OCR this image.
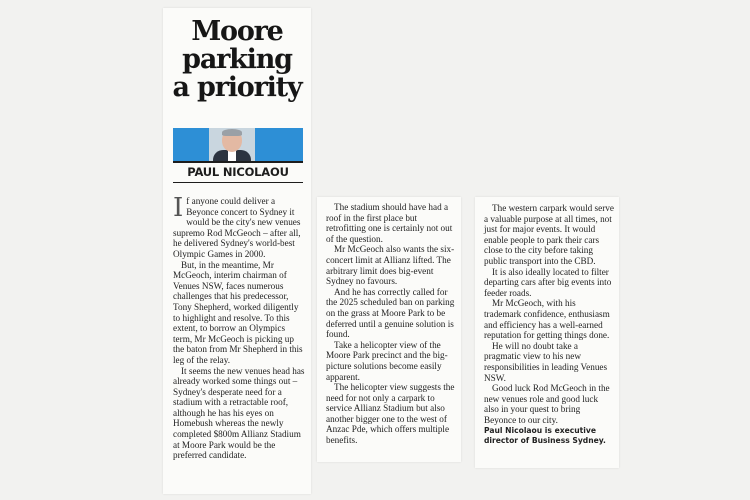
Moore
parking
a priority
PAUL NICOLAOU

If anyone could deliver a Beyonce concert to Sydney it would be the city's new venues supremo Rod McGeoch – after all, he delivered Sydney's world-best Olympic Games in 2000.

But, in the meantime, Mr McGeoch, interim chairman of Venues NSW, faces numerous challenges that his predecessor, Tony Shepherd, worked diligently to highlight and resolve. To this extent, to borrow an Olympics term, Mr McGeoch is picking up the baton from Mr Shepherd in this leg of the relay.

It seems the new venues head has already worked some things out – Sydney's desperate need for a stadium with a retractable roof, although he has his eyes on Homebush whereas the newly completed $800m Allianz Stadium at Moore Park would be the preferred candidate.

The stadium should have had a roof in the first place but retrofitting one is certainly not out of the question.

Mr McGeoch also wants the six-concert limit at Allianz lifted. The arbitrary limit does big-event Sydney no favours.

And he has correctly called for the 2025 scheduled ban on parking on the grass at Moore Park to be deferred until a genuine solution is found.

Take a helicopter view of the Moore Park precinct and the big-picture solutions become easily apparent.

The helicopter view suggests the need for not only a carpark to service Allianz Stadium but also another bigger one to the west of Anzac Pde, which offers multiple benefits.

The western carpark would serve a valuable purpose at all times, not just for major events. It would enable people to park their cars close to the city before taking public transport into the CBD.

It is also ideally located to filter departing cars after big events into feeder roads.

Mr McGeoch, with his trademark confidence, enthusiasm and efficiency has a well-earned reputation for getting things done.

He will no doubt take a pragmatic view to his new responsibilities in leading Venues NSW.

Good luck Rod McGeoch in the new venues role and good luck also in your quest to bring Beyonce to our city.

Paul Nicolaou is executive director of Business Sydney.
